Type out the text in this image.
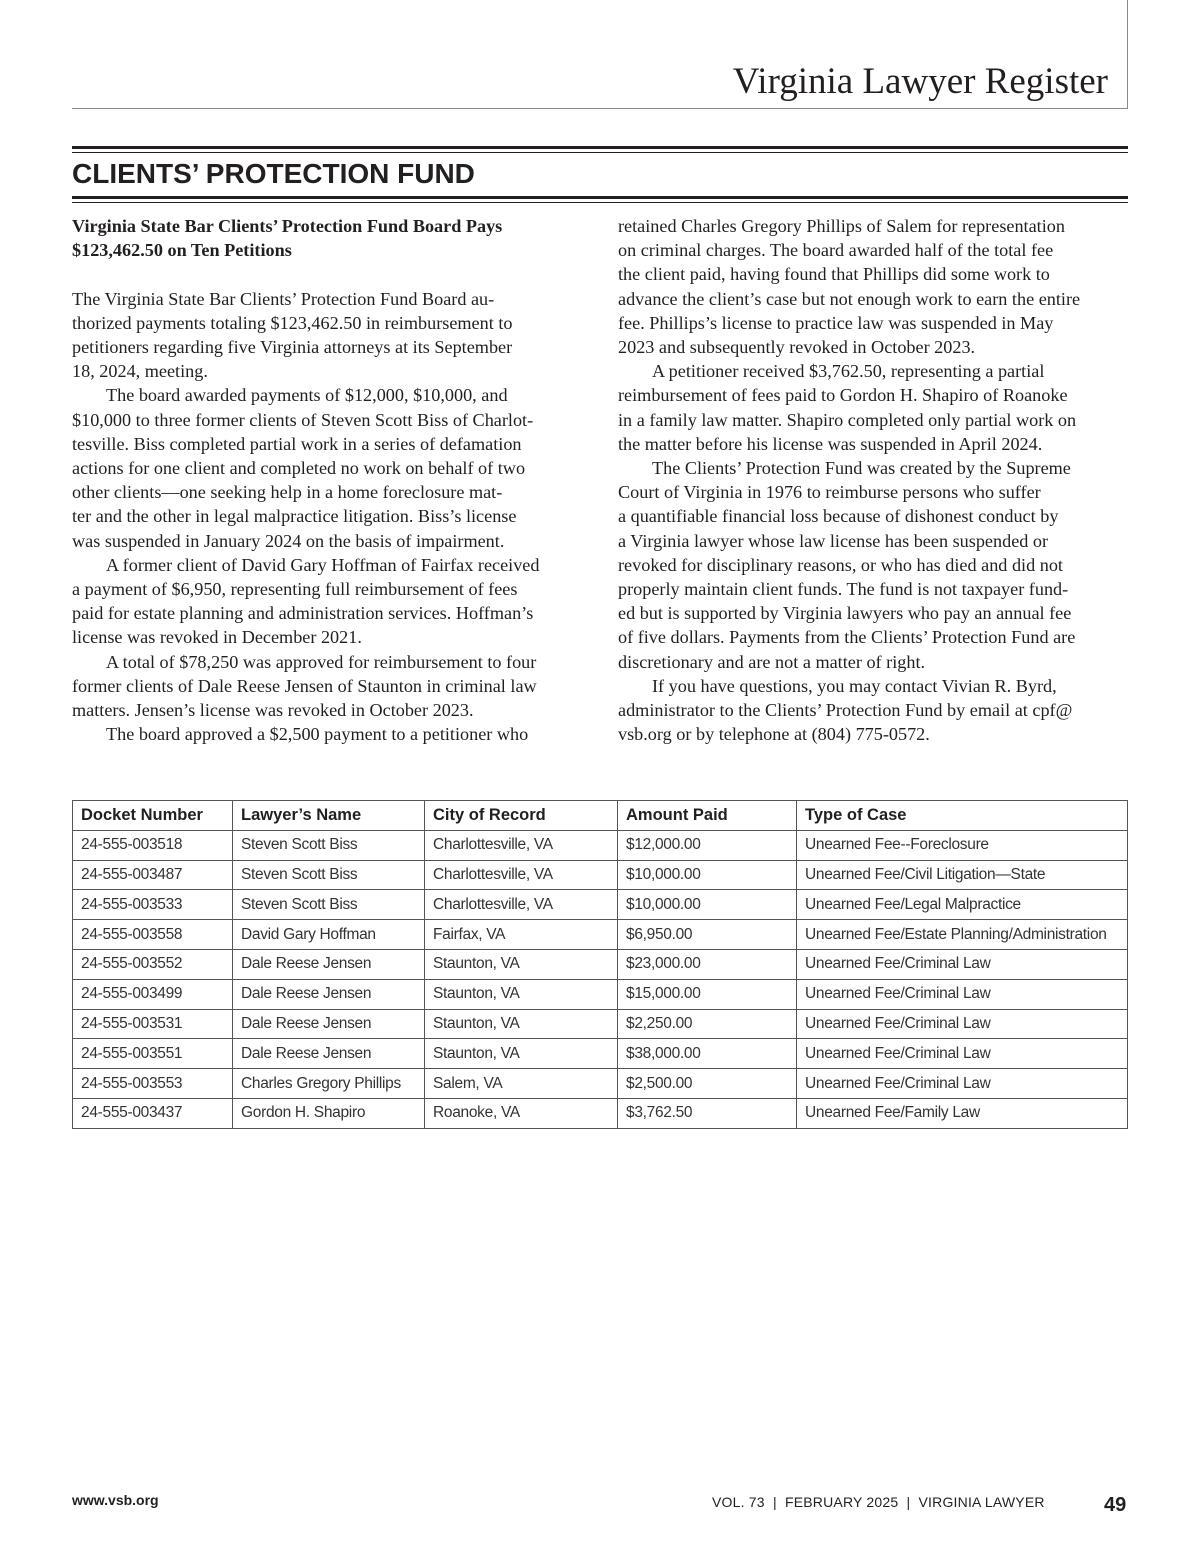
Virginia Lawyer Register
CLIENTS’ PROTECTION FUND
Virginia State Bar Clients’ Protection Fund Board Pays
$123,462.50 on Ten Petitions
The Virginia State Bar Clients’ Protection Fund Board au-
thorized payments totaling $123,462.50 in reimbursement to
petitioners regarding five Virginia attorneys at its September
18, 2024, meeting.
The board awarded payments of $12,000, $10,000, and
$10,000 to three former clients of Steven Scott Biss of Charlot-
tesville. Biss completed partial work in a series of defamation
actions for one client and completed no work on behalf of two
other clients—one seeking help in a home foreclosure mat-
ter and the other in legal malpractice litigation. Biss’s license
was suspended in January 2024 on the basis of impairment.
A former client of David Gary Hoffman of Fairfax received
a payment of $6,950, representing full reimbursement of fees
paid for estate planning and administration services. Hoffman’s
license was revoked in December 2021.
A total of $78,250 was approved for reimbursement to four
former clients of Dale Reese Jensen of Staunton in criminal law
matters. Jensen’s license was revoked in October 2023.
The board approved a $2,500 payment to a petitioner who
retained Charles Gregory Phillips of Salem for representation
on criminal charges. The board awarded half of the total fee
the client paid, having found that Phillips did some work to
advance the client’s case but not enough work to earn the entire
fee. Phillips’s license to practice law was suspended in May
2023 and subsequently revoked in October 2023.
A petitioner received $3,762.50, representing a partial
reimbursement of fees paid to Gordon H. Shapiro of Roanoke
in a family law matter. Shapiro completed only partial work on
the matter before his license was suspended in April 2024.
The Clients’ Protection Fund was created by the Supreme
Court of Virginia in 1976 to reimburse persons who suffer
a quantifiable financial loss because of dishonest conduct by
a Virginia lawyer whose law license has been suspended or
revoked for disciplinary reasons, or who has died and did not
properly maintain client funds. The fund is not taxpayer fund-
ed but is supported by Virginia lawyers who pay an annual fee
of five dollars. Payments from the Clients’ Protection Fund are
discretionary and are not a matter of right.
If you have questions, you may contact Vivian R. Byrd,
administrator to the Clients’ Protection Fund by email at cpf@
vsb.org or by telephone at (804) 775-0572.
Docket Number	Lawyer’s Name	City of Record	Amount Paid	Type of Case
24-555-003518	Steven Scott Biss	Charlottesville, VA	$12,000.00	Unearned Fee--Foreclosure
24-555-003487	Steven Scott Biss	Charlottesville, VA	$10,000.00	Unearned Fee/Civil Litigation—State
24-555-003533	Steven Scott Biss	Charlottesville, VA	$10,000.00	Unearned Fee/Legal Malpractice
24-555-003558	David Gary Hoffman	Fairfax, VA	$6,950.00	Unearned Fee/Estate Planning/Administration
24-555-003552	Dale Reese Jensen	Staunton, VA	$23,000.00	Unearned Fee/Criminal Law
24-555-003499	Dale Reese Jensen	Staunton, VA	$15,000.00	Unearned Fee/Criminal Law
24-555-003531	Dale Reese Jensen	Staunton, VA	$2,250.00	Unearned Fee/Criminal Law
24-555-003551	Dale Reese Jensen	Staunton, VA	$38,000.00	Unearned Fee/Criminal Law
24-555-003553	Charles Gregory Phillips	Salem, VA	$2,500.00	Unearned Fee/Criminal Law
24-555-003437	Gordon H. Shapiro	Roanoke, VA	$3,762.50	Unearned Fee/Family Law
www.vsb.org	VOL. 73  |  FEBRUARY 2025  |  VIRGINIA LAWYER	49
